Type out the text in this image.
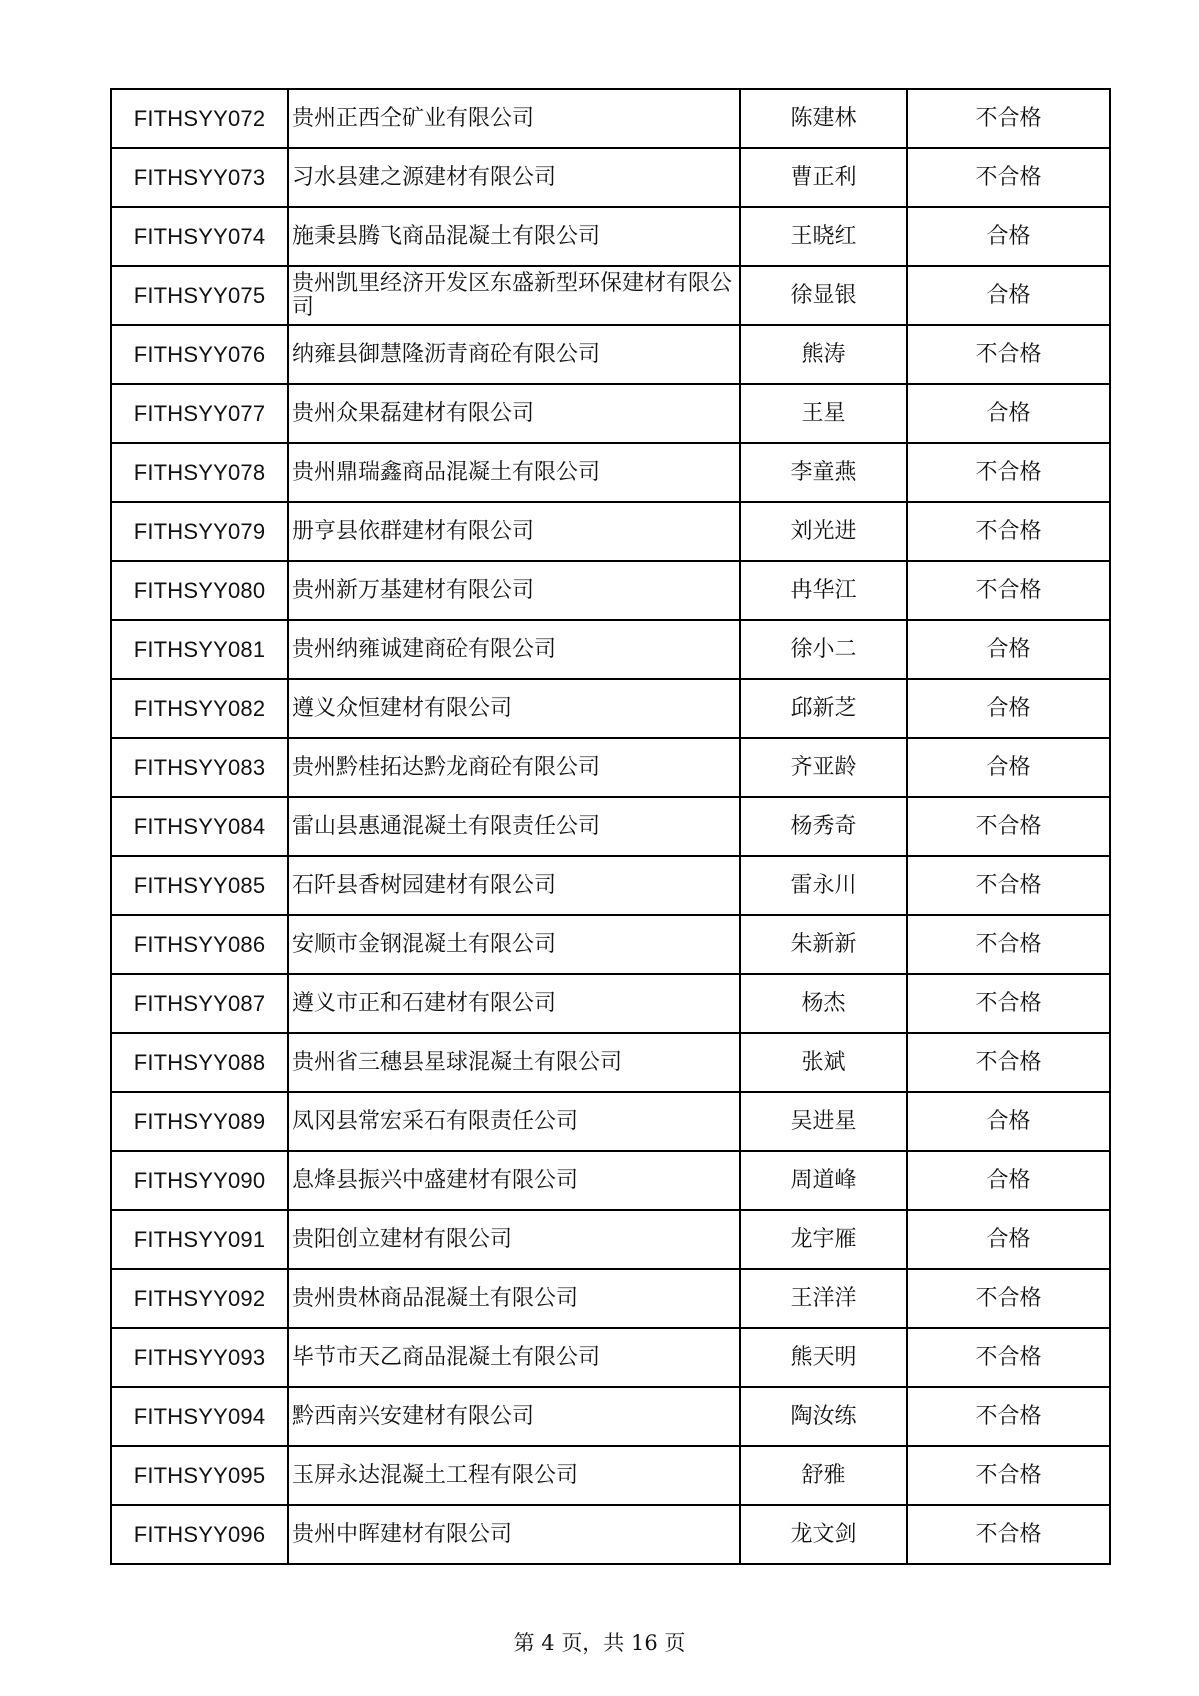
FITHSYY072	贵州正西仝矿业有限公司	陈建林	不合格
FITHSYY073	习水县建之源建材有限公司	曹正利	不合格
FITHSYY074	施秉县腾飞商品混凝土有限公司	王晓红	合格
FITHSYY075	贵州凯里经济开发区东盛新型环保建材有限公司	徐显银	合格
FITHSYY076	纳雍县御慧隆沥青商砼有限公司	熊涛	不合格
FITHSYY077	贵州众果磊建材有限公司	王星	合格
FITHSYY078	贵州鼎瑞鑫商品混凝土有限公司	李童燕	不合格
FITHSYY079	册亨县依群建材有限公司	刘光进	不合格
FITHSYY080	贵州新万基建材有限公司	冉华江	不合格
FITHSYY081	贵州纳雍诚建商砼有限公司	徐小二	合格
FITHSYY082	遵义众恒建材有限公司	邱新芝	合格
FITHSYY083	贵州黔桂拓达黔龙商砼有限公司	齐亚龄	合格
FITHSYY084	雷山县惠通混凝土有限责任公司	杨秀奇	不合格
FITHSYY085	石阡县香树园建材有限公司	雷永川	不合格
FITHSYY086	安顺市金钢混凝土有限公司	朱新新	不合格
FITHSYY087	遵义市正和石建材有限公司	杨杰	不合格
FITHSYY088	贵州省三穗县星球混凝土有限公司	张斌	不合格
FITHSYY089	凤冈县常宏采石有限责任公司	吴进星	合格
FITHSYY090	息烽县振兴中盛建材有限公司	周道峰	合格
FITHSYY091	贵阳创立建材有限公司	龙宇雁	合格
FITHSYY092	贵州贵林商品混凝土有限公司	王洋洋	不合格
FITHSYY093	毕节市天乙商品混凝土有限公司	熊天明	不合格
FITHSYY094	黔西南兴安建材有限公司	陶汝练	不合格
FITHSYY095	玉屏永达混凝土工程有限公司	舒雅	不合格
FITHSYY096	贵州中晖建材有限公司	龙文剑	不合格
第 4 页，共 16 页
